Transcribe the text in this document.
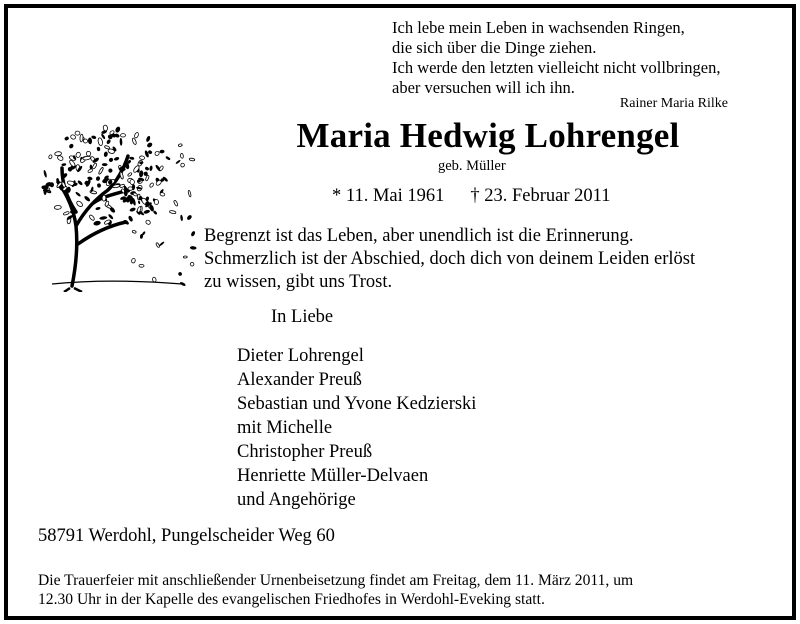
Ich lebe mein Leben in wachsenden Ringen,
die sich über die Dinge ziehen.
Ich werde den letzten vielleicht nicht vollbringen,
aber versuchen will ich ihn.
Rainer Maria Rilke
Maria Hedwig Lohrengel
geb. Müller
* 11. Mai 1961 † 23. Februar 2011
Begrenzt ist das Leben, aber unendlich ist die Erinnerung.
Schmerzlich ist der Abschied, doch dich von deinem Leiden erlöst
zu wissen, gibt uns Trost.
In Liebe
Dieter Lohrengel
Alexander Preuß
Sebastian und Yvone Kedzierski
mit Michelle
Christopher Preuß
Henriette Müller-Delvaen
und Angehörige
58791 Werdohl, Pungelscheider Weg 60
Die Trauerfeier mit anschließender Urnenbeisetzung findet am Freitag, dem 11. März 2011, um
12.30 Uhr in der Kapelle des evangelischen Friedhofes in Werdohl-Eveking statt.
